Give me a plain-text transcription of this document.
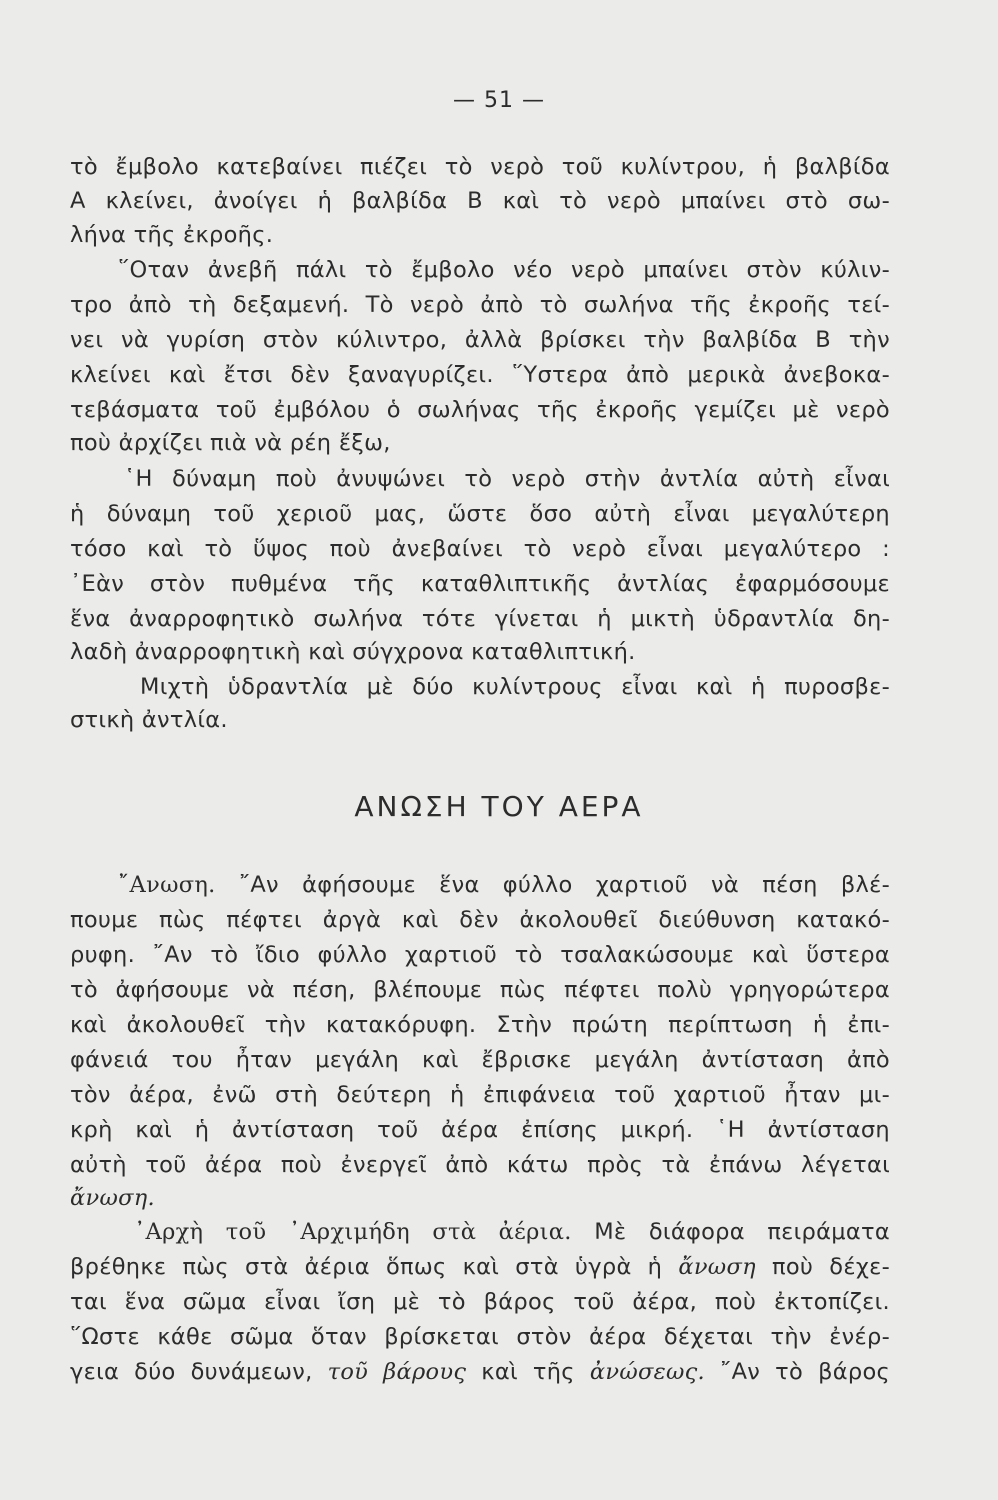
— 51 —
τὸ ἔμβολο κατεβαίνει πιέζει τὸ νερὸ τοῦ κυλίντρου, ἡ βαλβίδα
Α κλείνει, ἀνοίγει ἡ βαλβίδα Β καὶ τὸ νερὸ μπαίνει στὸ σω-
λήνα τῆς ἐκροῆς.
῞Οταν ἀνεβῆ πάλι τὸ ἔμβολο νέο νερὸ μπαίνει στὸν κύλιν-
τρο ἀπὸ τὴ δεξαμενή. Τὸ νερὸ ἀπὸ τὸ σωλήνα τῆς ἐκροῆς τεί-
νει νὰ γυρίση στὸν κύλιντρο, ἀλλὰ βρίσκει τὴν βαλβίδα Β τὴν
κλείνει καὶ ἔτσι δὲν ξαναγυρίζει. ῞Υστερα ἀπὸ μερικὰ ἀνεβοκα-
τεβάσματα τοῦ ἐμβόλου ὁ σωλήνας τῆς ἐκροῆς γεμίζει μὲ νερὸ
ποὺ ἀρχίζει πιὰ νὰ ρέη ἔξω,
῾Η δύναμη ποὺ ἀνυψώνει τὸ νερὸ στὴν ἀντλία αὐτὴ εἶναι
ἡ δύναμη τοῦ χεριοῦ μας, ὥστε ὅσο αὐτὴ εἶναι μεγαλύτερη
τόσο καὶ τὸ ὕψος ποὺ ἀνεβαίνει τὸ νερὸ εἶναι μεγαλύτερο :
᾿Εὰν στὸν πυθμένα τῆς καταθλιπτικῆς ἀντλίας ἐφαρμόσουμε
ἕνα ἀναρροφητικὸ σωλήνα τότε γίνεται ἡ μικτὴ ὑδραντλία δη-
λαδὴ ἀναρροφητικὴ καὶ σύγχρονα καταθλιπτική.
Μιχτὴ ὑδραντλία μὲ δύο κυλίντρους εἶναι καὶ ἡ πυροσβε-
στικὴ ἀντλία.
ΑΝΩΣΗ ΤΟΥ ΑΕΡΑ
῎Ανωση. ῎Αν ἀφήσουμε ἕνα φύλλο χαρτιοῦ νὰ πέση βλέ-
πουμε πὼς πέφτει ἀργὰ καὶ δὲν ἀκολουθεῖ διεύθυνση κατακό-
ρυφη. ῎Αν τὸ ἴδιο φύλλο χαρτιοῦ τὸ τσαλακώσουμε καὶ ὕστερα
τὸ ἀφήσουμε νὰ πέση, βλέπουμε πὼς πέφτει πολὺ γρηγορώτερα
καὶ ἀκολουθεῖ τὴν κατακόρυφη. Στὴν πρώτη περίπτωση ἡ ἐπι-
φάνειά του ἦταν μεγάλη καὶ ἔβρισκε μεγάλη ἀντίσταση ἀπὸ
τὸν ἀέρα, ἐνῶ στὴ δεύτερη ἡ ἐπιφάνεια τοῦ χαρτιοῦ ἦταν μι-
κρὴ καὶ ἡ ἀντίσταση τοῦ ἀέρα ἐπίσης μικρή. ῾Η ἀντίσταση
αὐτὴ τοῦ ἀέρα ποὺ ἐνεργεῖ ἀπὸ κάτω πρὸς τὰ ἐπάνω λέγεται
ἄνωση.
᾿Αρχὴ τοῦ ᾿Αρχιμήδη στὰ ἀέρια. Μὲ διάφορα πειράματα
βρέθηκε πὼς στὰ ἀέρια ὅπως καὶ στὰ ὑγρὰ ἡ ἄνωση ποὺ δέχε-
ται ἕνα σῶμα εἶναι ἴση μὲ τὸ βάρος τοῦ ἀέρα, ποὺ ἐκτοπίζει.
῞Ωστε κάθε σῶμα ὅταν βρίσκεται στὸν ἀέρα δέχεται τὴν ἐνέρ-
γεια δύο δυνάμεων, τοῦ βάρους καὶ τῆς ἀνώσεως. ῎Αν τὸ βάρος
